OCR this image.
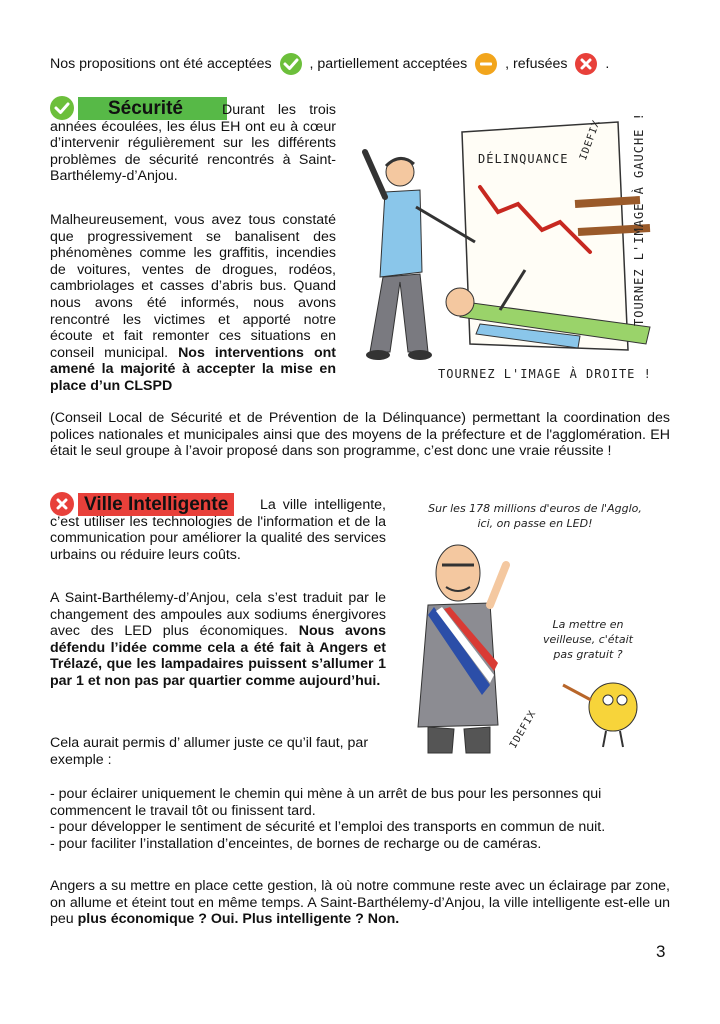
Nos propositions ont été acceptées	, partiellement acceptées	, refusées	.
Sécurité	Durant les trois années écoulées, les élus EH ont eu à cœur d’intervenir régulièrement sur les différents problèmes de sécurité rencontrés à Saint-Barthélemy-d’Anjou.
Malheureusement, vous avez tous constaté que progressivement se banalisent des phénomènes comme les graffitis, incendies de voitures, ventes de drogues, rodéos, cambriolages et casses d’abris bus. Quand nous avons été informés, nous avons rencontré les victimes et apporté notre écoute et fait remonter ces situations en conseil municipal. Nos interventions ont amené la majorité à accepter la mise en place d’un CLSPD
(Conseil Local de Sécurité et de Prévention de la Délinquance) permettant la coordination des polices nationales et municipales ainsi que des moyens de la préfecture et de l'agglomération. EH était le seul groupe à l’avoir proposé dans son programme, c’est donc une vraie réussite !
DÉLINQUANCE IDEFIX TOURNEZ L'IMAGE À GAUCHE !
TOURNEZ L'IMAGE À DROITE !
Ville Intelligente	La ville intelligente, c’est utiliser les technologies de l'information et de la communication pour améliorer la qualité des services urbains ou réduire leurs coûts.
A Saint-Barthélemy-d’Anjou, cela s’est traduit par le changement des ampoules aux sodiums énergivores avec des LED plus économiques. Nous avons défendu l’idée comme cela a été fait à Angers et Trélazé, que les lampadaires puissent s’allumer 1 par 1 et non pas par quartier comme aujourd’hui.
Cela aurait permis d’ allumer juste ce qu’il faut, par exemple :

- pour éclairer uniquement le chemin qui mène à un arrêt de bus pour les personnes qui commencent le travail tôt ou finissent tard.

- pour développer le sentiment de sécurité et l’emploi des transports en commun de nuit.

- pour faciliter l’installation d’enceintes, de bornes de recharge ou de caméras.

Angers a su mettre en place cette gestion, là où notre commune reste avec un éclairage par zone, on allume et éteint tout en même temps. A Saint-Barthélemy-d’Anjou, la ville intelligente est-elle un peu plus économique ? Oui. Plus intelligente ? Non.
Sur les 178 millions d'euros de l'Agglo, ici, on passe en LED!
La mettre en veilleuse, c'était pas gratuit ?
IDEFIX
3
